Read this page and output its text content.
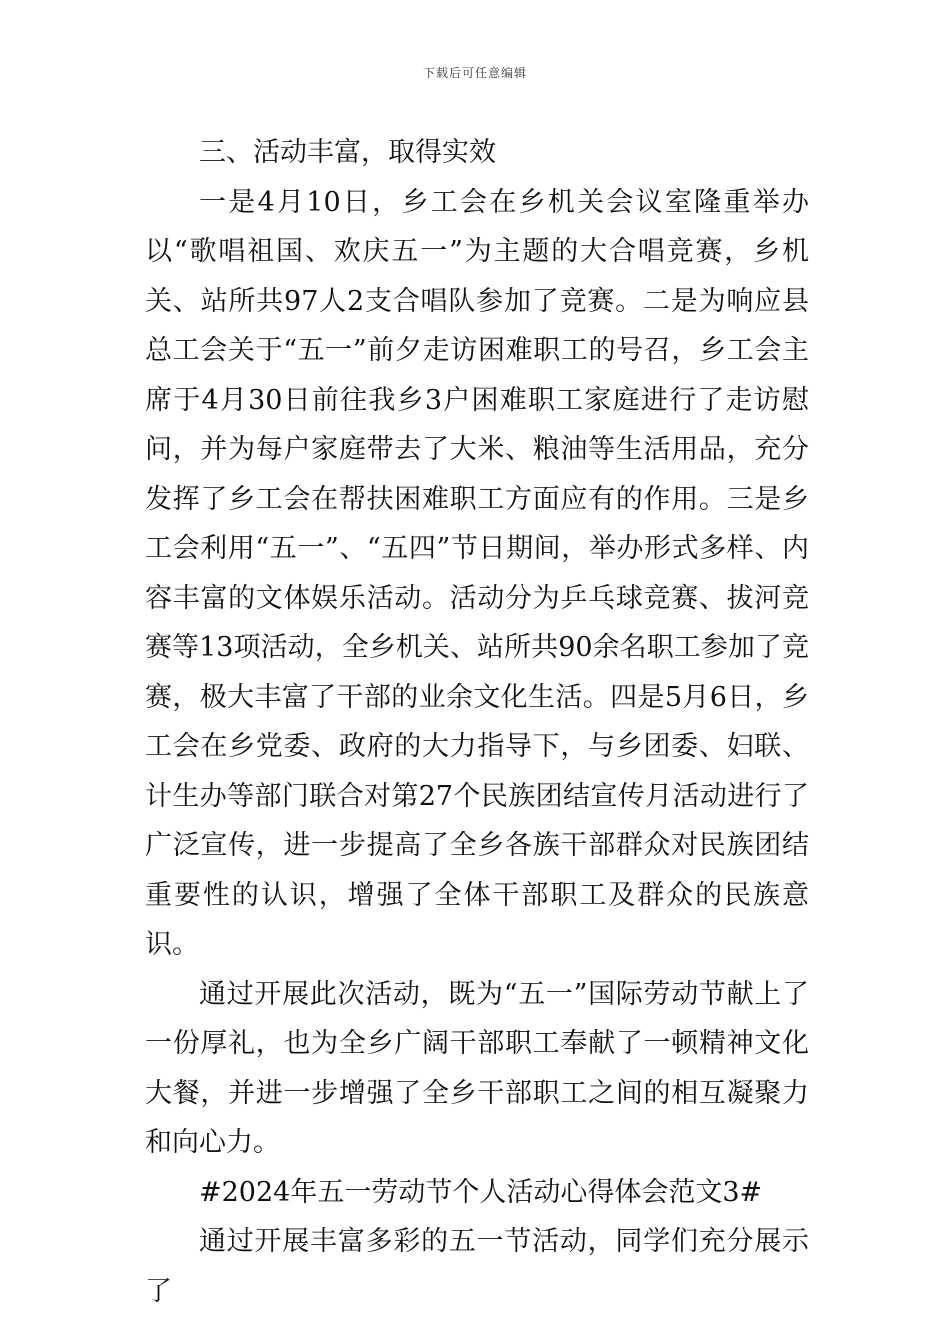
下载后可任意编辑

三、活动丰富，取得实效

一是4月10日，乡工会在乡机关会议室隆重举办以“歌唱祖国、欢庆五一”为主题的大合唱竞赛，乡机关、站所共97人2支合唱队参加了竞赛。二是为响应县总工会关于“五一”前夕走访困难职工的号召，乡工会主席于4月30日前往我乡3户困难职工家庭进行了走访慰问，并为每户家庭带去了大米、粮油等生活用品，充分发挥了乡工会在帮扶困难职工方面应有的作用。三是乡工会利用“五一”、“五四”节日期间，举办形式多样、内容丰富的文体娱乐活动。活动分为乒乓球竞赛、拔河竞赛等13项活动，全乡机关、站所共90余名职工参加了竞赛，极大丰富了干部的业余文化生活。四是5月6日，乡工会在乡党委、政府的大力指导下，与乡团委、妇联、计生办等部门联合对第27个民族团结宣传月活动进行了广泛宣传，进一步提高了全乡各族干部群众对民族团结重要性的认识，增强了全体干部职工及群众的民族意识。

通过开展此次活动，既为“五一”国际劳动节献上了一份厚礼，也为全乡广阔干部职工奉献了一顿精神文化大餐，并进一步增强了全乡干部职工之间的相互凝聚力和向心力。

#2024年五一劳动节个人活动心得体会范文3#

通过开展丰富多彩的五一节活动，同学们充分展示了
